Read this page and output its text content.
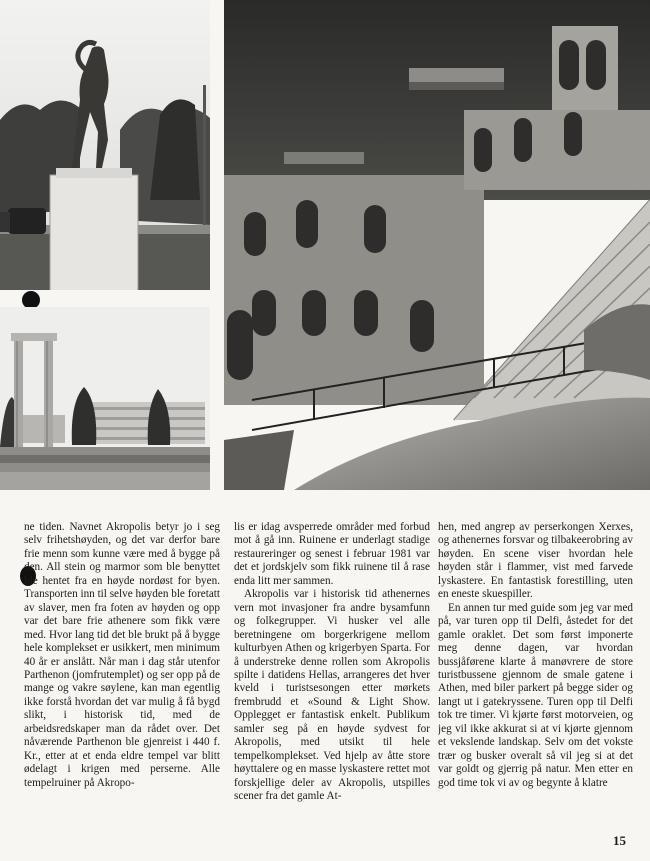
ne tiden. Navnet Akropolis betyr jo i seg selv frihetshøyden, og det var derfor bare frie menn som kunne være med å bygge på den. All stein og marmor som ble benyttet ble hentet fra en høyde nordøst for byen. Transporten inn til selve høyden ble foretatt av slaver, men fra foten av høyden og opp var det bare frie athenere som fikk være med. Hvor lang tid det ble brukt på å bygge hele komplekset er usikkert, men minimum 40 år er anslått. Når man i dag står utenfor Parthenon (jomfrutemplet) og ser opp på de mange og vakre søylene, kan man egentlig ikke forstå hvordan det var mulig å få bygd slikt, i historisk tid, med de arbeidsredskaper man da rådet over. Det nåværende Parthenon ble gjenreist i 440 f. Kr., etter at et enda eldre tempel var blitt ødelagt i krigen med perserne. Alle tempelruiner på Akropo-

lis er idag avsperrede områder med forbud mot å gå inn. Ruinene er underlagt stadige restaureringer og senest i februar 1981 var det et jordskjelv som fikk ruinene til å rase enda litt mer sammen.

Akropolis var i historisk tid athenernes vern mot invasjoner fra andre bysamfunn og folkegrupper. Vi husker vel alle beretningene om borgerkrigene mellom kulturbyen Athen og krigerbyen Sparta. For å understreke denne rollen som Akropolis spilte i datidens Hellas, arrangeres det hver kveld i turistsesongen etter mørkets frembrudd et «Sound & Light Show. Opplegget er fantastisk enkelt. Publikum samler seg på en høyde sydvest for Akropolis, med utsikt til hele tempelkomplekset. Ved hjelp av åtte store høyttalere og en masse lyskastere rettet mot forskjellige deler av Akropolis, utspilles scener fra det gamle At-

hen, med angrep av perserkongen Xerxes, og athenernes forsvar og tilbakeerobring av høyden. En scene viser hvordan hele høyden står i flammer, vist med farvede lyskastere. En fantastisk forestilling, uten en eneste skuespiller.

En annen tur med guide som jeg var med på, var turen opp til Delfi, åstedet for det gamle oraklet. Det som først imponerte meg denne dagen, var hvordan bussjåførene klarte å manøvrere de store turistbussene gjennom de smale gatene i Athen, med biler parkert på begge sider og langt ut i gatekryssene. Turen opp til Delfi tok tre timer. Vi kjørte først motorveien, og jeg vil ikke akkurat si at vi kjørte gjennom et vekslende landskap. Selv om det vokste trær og busker overalt så vil jeg si at det var goldt og gjerrig på natur. Men etter en god time tok vi av og begynte å klatre

15
